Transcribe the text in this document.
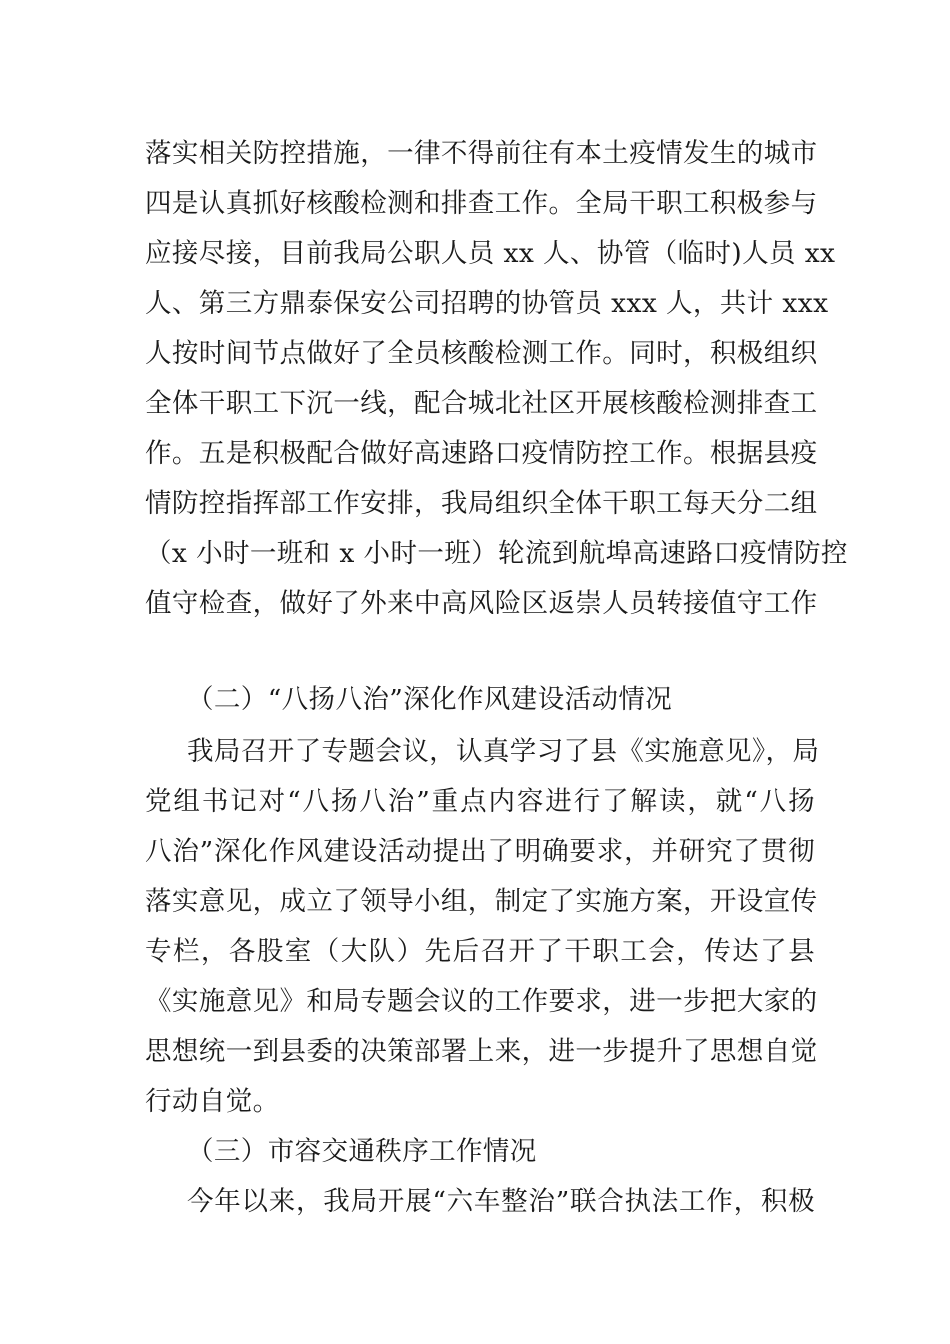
落实相关防控措施，一律不得前往有本土疫情发生的城市
四是认真抓好核酸检测和排查工作。全局干职工积极参与
应接尽接，目前我局公职人员 xx 人、协管（临时)人员 xx
人、第三方鼎泰保安公司招聘的协管员 xxx 人，共计 xxx
人按时间节点做好了全员核酸检测工作。同时，积极组织
全体干职工下沉一线，配合城北社区开展核酸检测排查工
作。五是积极配合做好高速路口疫情防控工作。根据县疫
情防控指挥部工作安排，我局组织全体干职工每天分二组
（x 小时一班和 x 小时一班）轮流到航埠高速路口疫情防控
值守检查，做好了外来中高风险区返崇人员转接值守工作
（二）“八扬八治”深化作风建设活动情况
我局召开了专题会议，认真学习了县《实施意见》，局
党组书记对“八扬八治”重点内容进行了解读，就“八扬
八治”深化作风建设活动提出了明确要求，并研究了贯彻
落实意见，成立了领导小组，制定了实施方案，开设宣传
专栏，各股室（大队）先后召开了干职工会，传达了县
《实施意见》和局专题会议的工作要求，进一步把大家的
思想统一到县委的决策部署上来，进一步提升了思想自觉
行动自觉。
（三）市容交通秩序工作情况
今年以来，我局开展“六车整治”联合执法工作，积极
